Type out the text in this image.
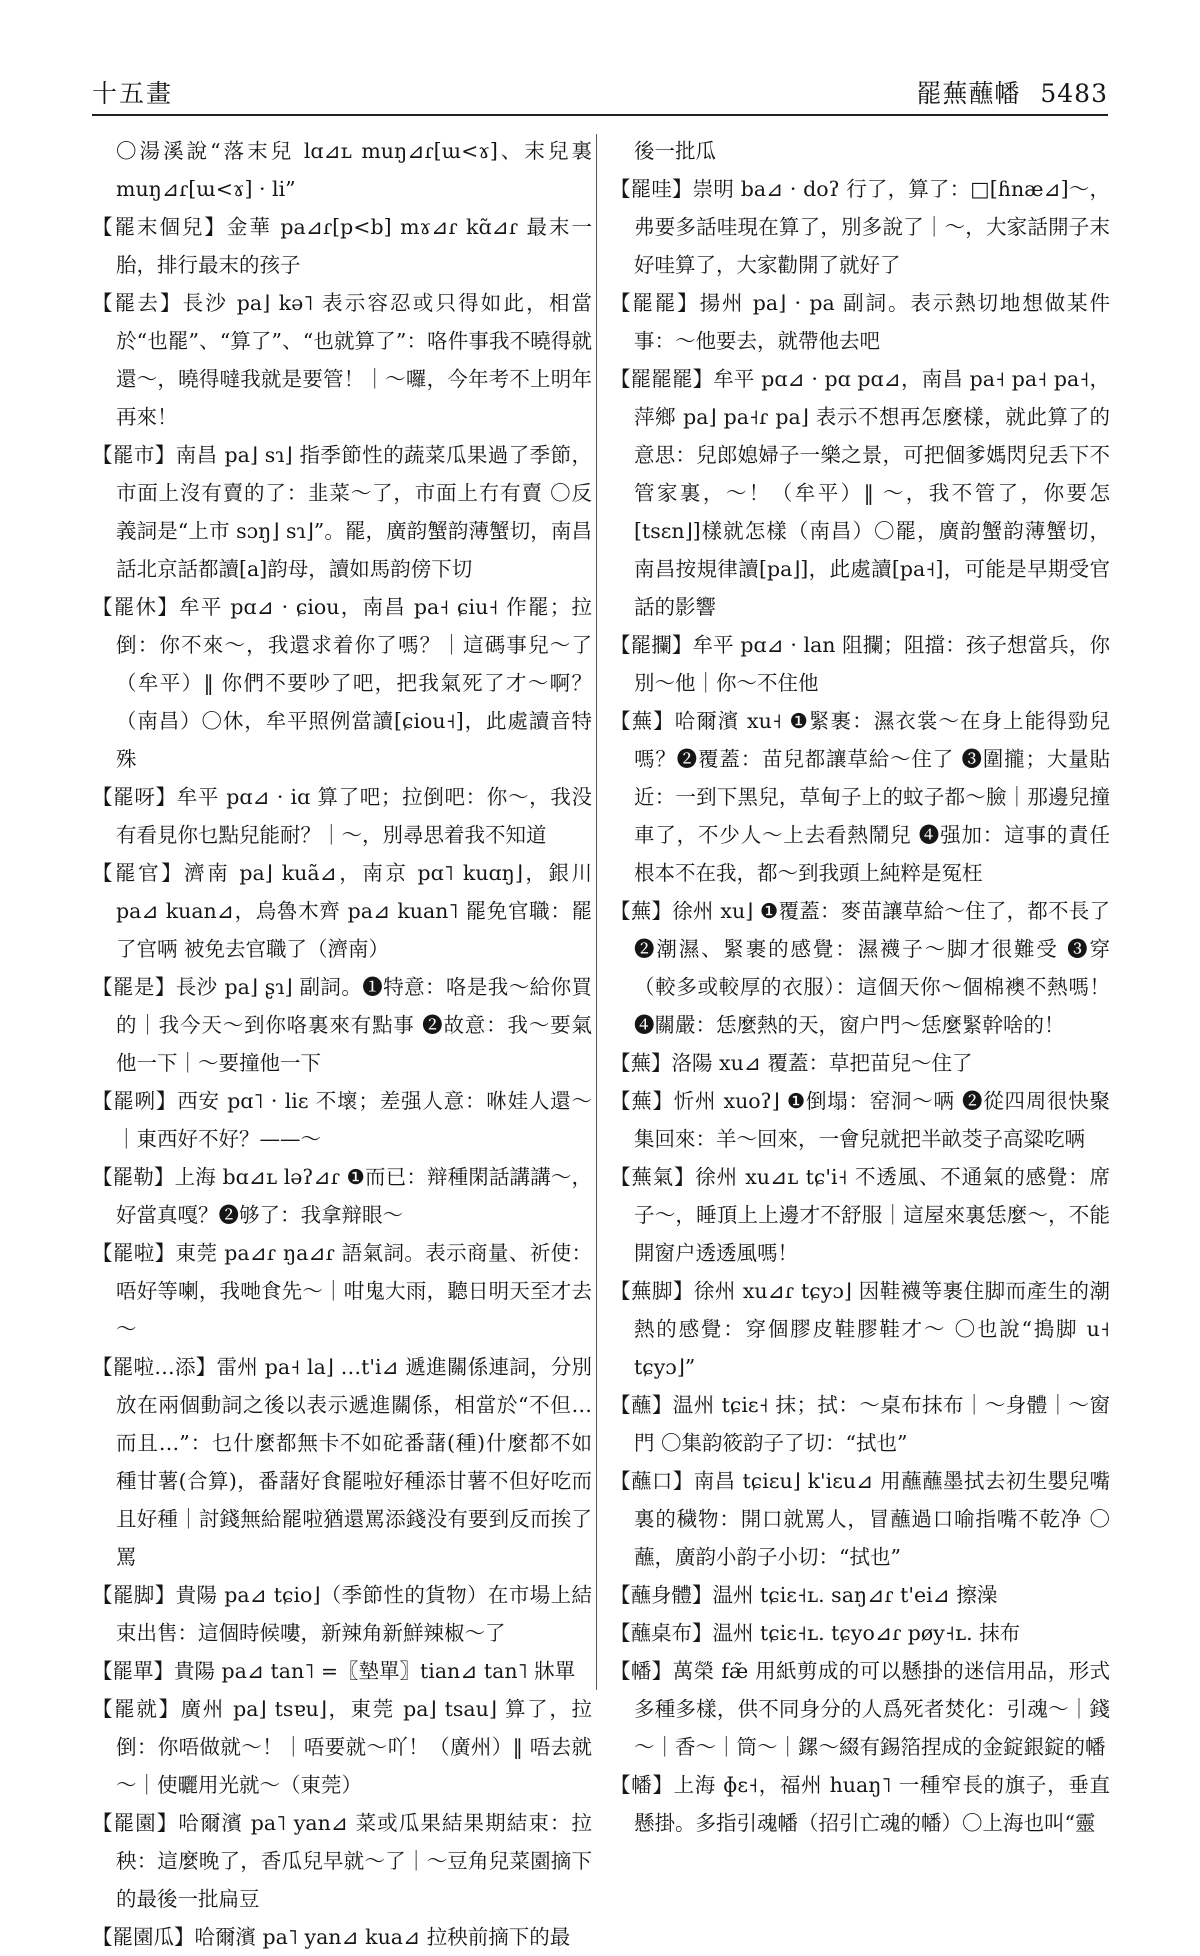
十五畫	罷蕪蘸幡 5483

〇湯溪說“落末兒 lɑ⊿ʟ muŋ⊿ɾ[ɯ<ɤ]、末兒裏 muŋ⊿ɾ[ɯ<ɤ] · li”

【罷末個兒】金華 pa⊿ɾ[p<b] mɤ⊿ɾ kɑ̃⊿ɾ 最末一胎，排行最末的孩子

【罷去】長沙 pa⌋ kə˥ 表示容忍或只得如此，相當於“也罷”、“算了”、“也就算了”：咯件事我不曉得就還～，曉得噠我就是要管！｜～囉，今年考不上明年再來！

【罷市】南昌 pa⌋ sɿ⌋ 指季節性的蔬菜瓜果過了季節，市面上沒有賣的了：韭菜～了，市面上冇有賣 〇反義詞是“上市 sɔŋ⌋ sɿ⌋”。罷，廣韵蟹韵薄蟹切，南昌話北京話都讀[a]韵母，讀如馬韵傍下切

【罷休】牟平 pɑ⊿ · ɕiou，南昌 pa˧ ɕiu˧ 作罷；拉倒：你不來～，我還求着你了嗎？｜這碼事兒～了（牟平）‖ 你們不要吵了吧，把我氣死了才～啊？（南昌）〇休，牟平照例當讀[ɕiou˧]，此處讀音特殊

【罷呀】牟平 pɑ⊿ · iɑ 算了吧；拉倒吧：你～，我没有看見你乜點兒能耐？｜～，別尋思着我不知道

【罷官】濟南 pa⌋ kuã⊿，南京 pɑ˥ kuɑŋ⌋，銀川 pa⊿ kuan⊿，烏魯木齊 pa⊿ kuan˥ 罷免官職：罷了官唡 被免去官職了（濟南）

【罷是】長沙 pa⌋ ʂɿ⌋ 副詞。❶特意：咯是我～給你買的｜我今天～到你咯裏來有點事 ❷故意：我～要氣他一下｜～要撞他一下

【罷咧】西安 pɑ˥ · liɛ 不壞；差强人意：咻娃人還～｜東西好不好？——～

【罷勒】上海 bɑ⊿ʟ ləʔ⊿ɾ ❶而已：辩種閑話講講～，好當真嘎？❷够了：我拿辩眼～

【罷啦】東莞 pa⊿ɾ ŋa⊿ɾ 語氣詞。表示商量、祈使：唔好等喇，我哋食先～｜咁鬼大雨，聽日明天至才去～

【罷啦…添】雷州 pa˧ la⌋ …t'i⊿ 遞進關係連詞，分別放在兩個動詞之後以表示遞進關係，相當於“不但…而且…”：乜什麼都無卡不如砣番藷(種)什麼都不如種甘薯(合算)，番藷好食罷啦好種添甘薯不但好吃而且好種｜討錢無給罷啦猶還罵添錢没有要到反而挨了罵

【罷脚】貴陽 pa⊿ tɕio⌋（季節性的貨物）在市場上結束出售：這個時候嘍，新辣角新鮮辣椒～了

【罷單】貴陽 pa⊿ tan˥ =〖墊單〗tian⊿ tan˥ 牀單

【罷就】廣州 pa⌋ tsɐu⌋，東莞 pa⌋ tsau⌋ 算了，拉倒：你唔做就～！｜唔要就～吖！（廣州）‖ 唔去就～｜使曬用光就～（東莞）

【罷園】哈爾濱 pa˥ yan⊿ 菜或瓜果結果期結束：拉秧：這麼晚了，香瓜兒早就～了｜～豆角兒菜園摘下的最後一批扁豆

【罷園瓜】哈爾濱 pa˥ yan⊿ kua⊿ 拉秧前摘下的最

後一批瓜

【罷哇】崇明 ba⊿ · doʔ 行了，算了：□[ɦnæ⊿]～，弗要多話哇現在算了，別多說了｜～，大家話開子末好哇算了，大家勸開了就好了

【罷罷】揚州 pa⌋ · pa 副詞。表示熱切地想做某件事：～他要去，就帶他去吧

【罷罷罷】牟平 pɑ⊿ · pɑ pɑ⊿，南昌 pa˧ pa˧ pa˧，萍鄉 pa⌋ pa˧ɾ pa⌋ 表示不想再怎麼樣，就此算了的意思：兒郎媳婦子一樂之景，可把個爹媽閃兒丢下不管家裏，～！（牟平）‖ ～，我不管了，你要怎[tsɛn⌋]樣就怎樣（南昌）〇罷，廣韵蟹韵薄蟹切，南昌按規律讀[pa⌋]，此處讀[pa˧]，可能是早期受官話的影響

【罷攔】牟平 pɑ⊿ · lan 阻攔；阻擋：孩子想當兵，你別～他｜你～不住他

【蕪】哈爾濱 xu˧ ❶緊裹：濕衣裳～在身上能得勁兒嗎？❷覆蓋：苗兒都讓草給～住了 ❸圍攏；大量貼近：一到下黑兒，草甸子上的蚊子都～臉｜那邊兒撞車了，不少人～上去看熱鬧兒 ❹强加：這事的責任根本不在我，都～到我頭上純粹是冤枉

【蕪】徐州 xu⌋ ❶覆蓋：麥苗讓草給～住了，都不長了 ❷潮濕、緊裹的感覺：濕襪子～脚才很難受 ❸穿（較多或較厚的衣服）：這個天你～個棉襖不熱嗎！❹關嚴：恁麼熱的天，窗户門～恁麼緊幹啥的！

【蕪】洛陽 xu⊿ 覆蓋：草把苗兒～住了

【蕪】忻州 xuoʔ⌋ ❶倒塌：窑洞～唡 ❷從四周很快聚集回來：羊～回來，一會兒就把半畝茭子高粱吃唡

【蕪氣】徐州 xu⊿ʟ tɕ'i˧ 不透風、不通氣的感覺：席子～，睡頂上上邊才不舒服｜這屋來裏恁麼～，不能開窗户透透風嗎！

【蕪脚】徐州 xu⊿ɾ tɕyɔ⌋ 因鞋襪等裹住脚而產生的潮熱的感覺：穿個膠皮鞋膠鞋才～ 〇也說“搗脚 u˧ tɕyɔ⌋”

【蘸】温州 tɕiɛ˧ 抹；拭：～桌布抹布｜～身體｜～窗門 〇集韵筱韵子了切：“拭也”

【蘸口】南昌 tɕiɛu⌋ k'iɛu⊿ 用蘸蘸墨拭去初生嬰兒嘴裏的穢物：開口就罵人，冒蘸過口喻指嘴不乾净 〇蘸，廣韵小韵子小切：“拭也”

【蘸身體】温州 tɕiɛ˧ʟ. saŋ⊿ɾ t'ei⊿ 擦澡

【蘸桌布】温州 tɕiɛ˧ʟ. tɕyo⊿ɾ pøy˧ʟ. 抹布

【幡】萬榮 fæ̃ 用紙剪成的可以懸掛的迷信用品，形式多種多樣，供不同身分的人爲死者焚化：引魂～｜錢～｜香～｜筒～｜鏍～綴有錫箔捏成的金錠銀錠的幡

【幡】上海 ɸɛ˧，福州 huaŋ˥ 一種窄長的旗子，垂直懸掛。多指引魂幡（招引亡魂的幡）〇上海也叫“靈
